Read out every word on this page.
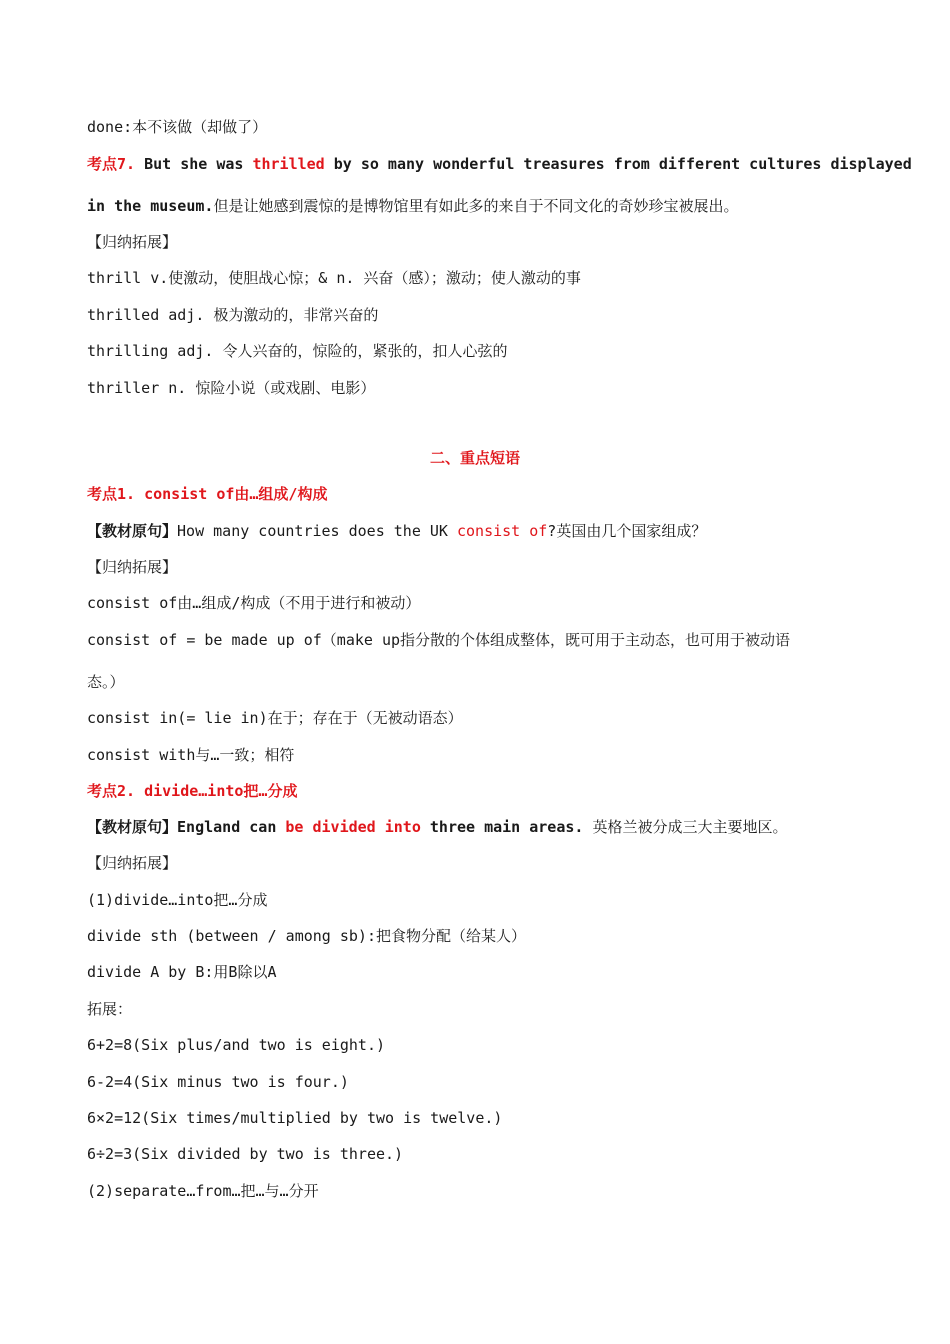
done:本不该做（却做了）
考点7. But she was thrilled by so many wonderful treasures from different cultures displayed
in the museum.但是让她感到震惊的是博物馆里有如此多的来自于不同文化的奇妙珍宝被展出。
【归纳拓展】
thrill v.使激动，使胆战心惊；& n. 兴奋（感）；激动；使人激动的事
thrilled adj. 极为激动的，非常兴奋的
thrilling adj. 令人兴奋的，惊险的，紧张的，扣人心弦的
thriller n. 惊险小说（或戏剧、电影）
二、重点短语
考点1. consist of由…组成/构成
【教材原句】How many countries does the UK consist of?英国由几个国家组成？
【归纳拓展】
consist of由…组成/构成（不用于进行和被动）
consist of = be made up of（make up指分散的个体组成整体，既可用于主动态，也可用于被动语
态。）
consist in(= lie in)在于；存在于（无被动语态）
consist with与…一致；相符
考点2. divide…into把…分成
【教材原句】England can be divided into three main areas. 英格兰被分成三大主要地区。
【归纳拓展】
(1)divide…into把…分成
divide sth (between / among sb):把食物分配（给某人）
divide A by B:用B除以A
拓展：
6+2=8(Six plus/and two is eight.)
6-2=4(Six minus two is four.)
6×2=12(Six times/multiplied by two is twelve.)
6÷2=3(Six divided by two is three.)
(2)separate…from…把…与…分开
